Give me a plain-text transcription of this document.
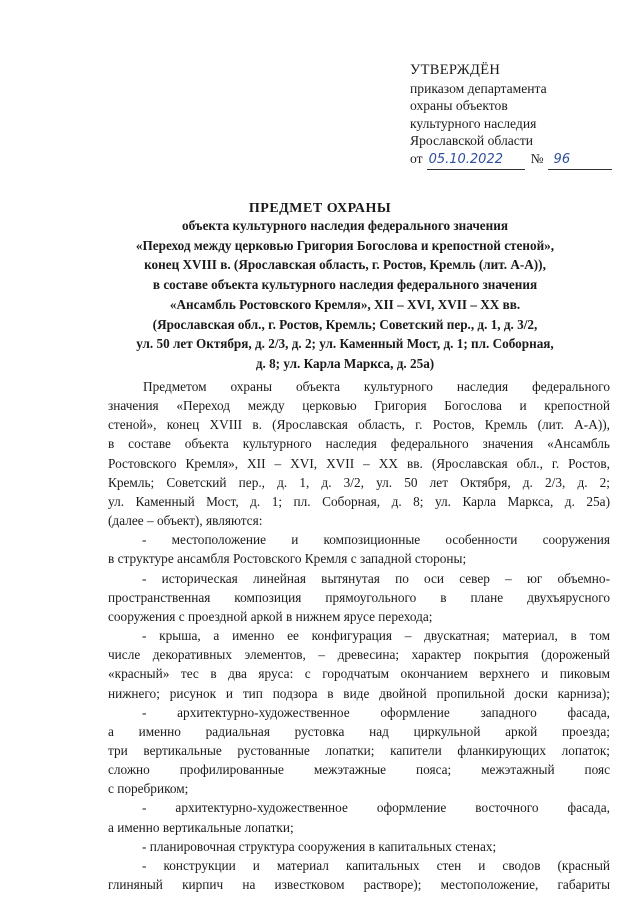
УТВЕРЖДЁН
приказом департамента
охраны объектов
культурного наследия
Ярославской области
от 05.10.2022	№ 96
ПРЕДМЕТ ОХРАНЫ

объекта культурного наследия федерального значения

«Переход между церковью Григория Богослова и крепостной стеной»,

конец XVIII в. (Ярославская область, г. Ростов, Кремль (лит. А-А)),

в составе объекта культурного наследия федерального значения

«Ансамбль Ростовского Кремля», XII – XVI, XVII – XX вв.

(Ярославская обл., г. Ростов, Кремль; Советский пер., д. 1, д. 3/2,

ул. 50 лет Октября, д. 2/3, д. 2; ул. Каменный Мост, д. 1; пл. Соборная,

д. 8; ул. Карла Маркса, д. 25а)

Предметом охраны объекта культурного наследия федерального

значения «Переход между церковью Григория Богослова и крепостной

стеной», конец XVIII в. (Ярославская область, г. Ростов, Кремль (лит. А-А)),

в составе объекта культурного наследия федерального значения «Ансамбль

Ростовского Кремля», XII – XVI, XVII – XX вв. (Ярославская обл., г. Ростов,

Кремль; Советский пер., д. 1, д. 3/2, ул. 50 лет Октября, д. 2/3, д. 2;

ул. Каменный Мост, д. 1; пл. Соборная, д. 8; ул. Карла Маркса, д. 25а)

(далее – объект), являются:

- местоположение и композиционные особенности сооружения

в структуре ансамбля Ростовского Кремля с западной стороны;

- историческая линейная вытянутая по оси север – юг объемно-

пространственная композиция прямоугольного в плане двухъярусного

сооружения с проездной аркой в нижнем ярусе перехода;

- крыша, а именно ее конфигурация – двускатная; материал, в том

числе декоративных элементов, – древесина; характер покрытия (дороженый

«красный» тес в два яруса: с городчатым окончанием верхнего и пиковым

нижнего; рисунок и тип подзора в виде двойной пропильной доски карниза);

- архитектурно-художественное оформление западного фасада,

а именно радиальная рустовка над циркульной аркой проезда;

три вертикальные рустованные лопатки; капители фланкирующих лопаток;

сложно профилированные межэтажные пояса; межэтажный пояс

с поребриком;

- архитектурно-художественное оформление восточного фасада,

а именно вертикальные лопатки;

- планировочная структура сооружения в капитальных стенах;

- конструкции и материал капитальных стен и сводов (красный

глиняный кирпич на известковом растворе); местоположение, габариты
